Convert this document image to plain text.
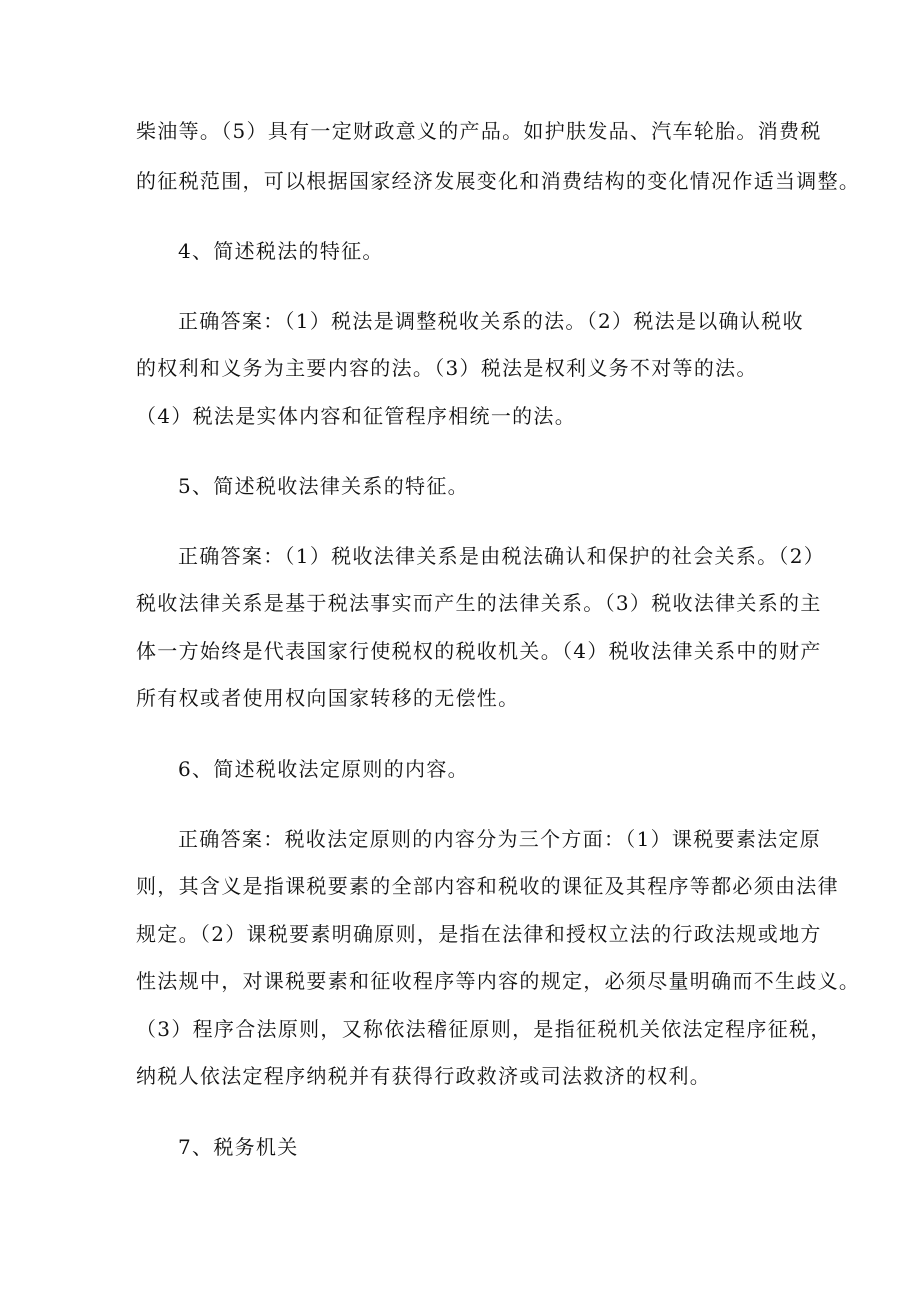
柴油等。（5）具有一定财政意义的产品。如护肤发品、汽车轮胎。消费税
的征税范围，可以根据国家经济发展变化和消费结构的变化情况作适当调整。
4、简述税法的特征。
正确答案：（1）税法是调整税收关系的法。（2）税法是以确认税收
的权利和义务为主要内容的法。（3）税法是权利义务不对等的法。
（4）税法是实体内容和征管程序相统一的法。
5、简述税收法律关系的特征。
正确答案：（1）税收法律关系是由税法确认和保护的社会关系。（2）
税收法律关系是基于税法事实而产生的法律关系。（3）税收法律关系的主
体一方始终是代表国家行使税权的税收机关。（4）税收法律关系中的财产
所有权或者使用权向国家转移的无偿性。
6、简述税收法定原则的内容。
正确答案：税收法定原则的内容分为三个方面：（1）课税要素法定原
则，其含义是指课税要素的全部内容和税收的课征及其程序等都必须由法律
规定。（2）课税要素明确原则，是指在法律和授权立法的行政法规或地方
性法规中，对课税要素和征收程序等内容的规定，必须尽量明确而不生歧义。
（3）程序合法原则，又称依法稽征原则，是指征税机关依法定程序征税，
纳税人依法定程序纳税并有获得行政救济或司法救济的权利。
7、税务机关
